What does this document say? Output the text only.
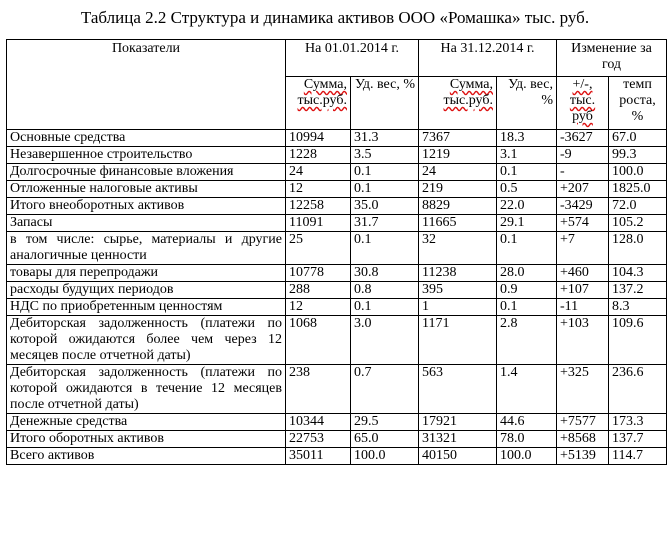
Таблица 2.2 Структура и динамика активов ООО «Ромашка» тыс. руб.
Показатели	На 01.01.2014 г.		На 31.12.2014 г.		Изменение за год	
	Сумма, тыс.руб.	Уд. вес, %	Сумма, тыс.руб.	Уд. вес, %	+/-, тыс. руб	темп роста, %
Основные средства	10994	31.3	7367	18.3	-3627	67.0
Незавершенное строительство	1228	3.5	1219	3.1	-9	99.3
Долгосрочные финансовые вложения	24	0.1	24	0.1	-	100.0
Отложенные налоговые активы	12	0.1	219	0.5	+207	1825.0
Итого внеоборотных активов	12258	35.0	8829	22.0	-3429	72.0
Запасы	11091	31.7	11665	29.1	+574	105.2
в том числе: сырье, материалы и другие аналогичные ценности	25	0.1	32	0.1	+7	128.0
товары для перепродажи	10778	30.8	11238	28.0	+460	104.3
расходы будущих периодов	288	0.8	395	0.9	+107	137.2
НДС по приобретенным ценностям	12	0.1	1	0.1	-11	8.3
Дебиторская задолженность (платежи по которой ожидаются более чем через 12 месяцев после отчетной даты)	1068	3.0	1171	2.8	+103	109.6
Дебиторская задолженность (платежи по которой ожидаются в течение 12 месяцев после отчетной даты)	238	0.7	563	1.4	+325	236.6
Денежные средства	10344	29.5	17921	44.6	+7577	173.3
Итого оборотных активов	22753	65.0	31321	78.0	+8568	137.7
Всего активов	35011	100.0	40150	100.0	+5139	114.7
